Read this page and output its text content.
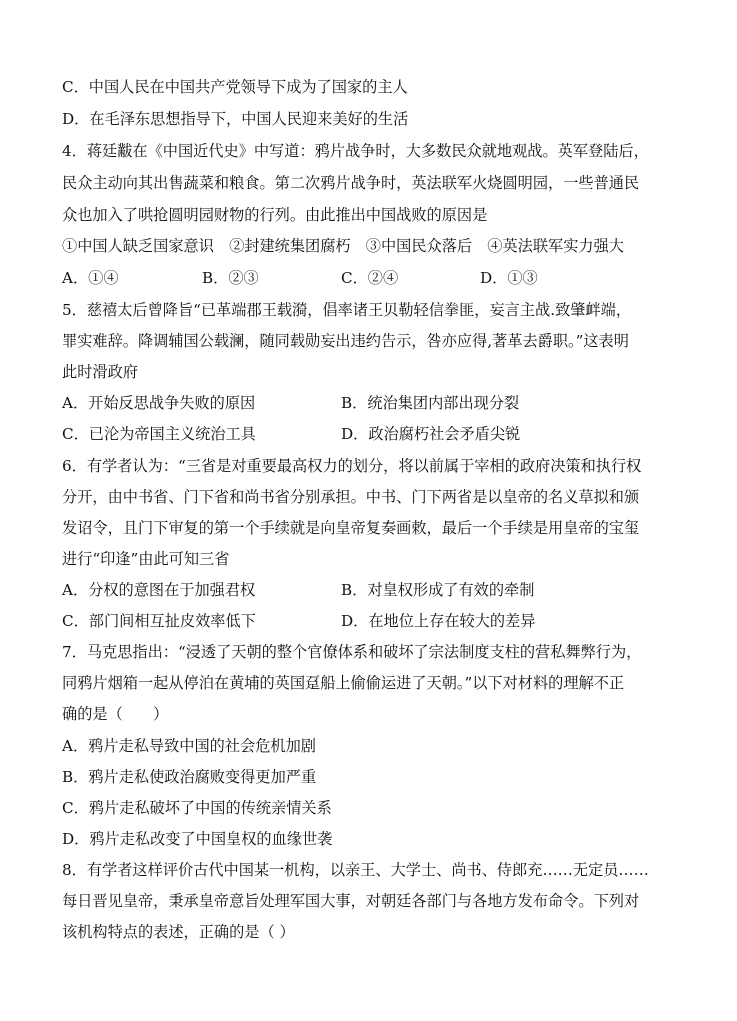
C．中国人民在中国共产党领导下成为了国家的主人
D．在毛泽东思想指导下，中国人民迎来美好的生活
4．蒋廷黻在《中国近代史》中写道：鸦片战争时，大多数民众就地观战。英军登陆后，
民众主动向其出售蔬菜和粮食。第二次鸦片战争时，英法联军火烧圆明园，一些普通民
众也加入了哄抢圆明园财物的行列。由此推出中国战败的原因是
①中国人缺乏国家意识　②封建统集团腐朽　③中国民众落后　④英法联军实力强大
A．①④	B．②③	C．②④	D．①③
5．慈禧太后曾降旨“已革端郡王载漪，倡率诸王贝勒轻信拳匪，妄言主战.致肇衅端，
罪实难辞。降调辅国公载澜，随同载勋妄出违约告示，咎亦应得,著革去爵职。”这表明
此时滑政府
A．开始反思战争失败的原因	B．统治集团内部出现分裂
C．已沦为帝国主义统治工具	D．政治腐朽社会矛盾尖锐
6．有学者认为：“三省是对重要最高权力的划分，将以前属于宰相的政府决策和执行权
分开，由中书省、门下省和尚书省分别承担。中书、门下两省是以皇帝的名义草拟和颁
发诏令，且门下审复的第一个手续就是向皇帝复奏画敕，最后一个手续是用皇帝的宝玺
进行“印逢”由此可知三省
A．分权的意图在于加强君权	B．对皇权形成了有效的牵制
C．部门间相互扯皮效率低下	D．在地位上存在较大的差异
7．马克思指出：“浸透了天朝的整个官僚体系和破坏了宗法制度支柱的营私舞弊行为，
同鸦片烟箱一起从停泊在黄埔的英国趸船上偷偷运进了天朝。”以下对材料的理解不正
确的是（　　）
A．鸦片走私导致中国的社会危机加剧
B．鸦片走私使政治腐败变得更加严重
C．鸦片走私破坏了中国的传统亲情关系
D．鸦片走私改变了中国皇权的血缘世袭
8．有学者这样评价古代中国某一机构，以亲王、大学士、尚书、侍郎充……无定员……
每日晋见皇帝，秉承皇帝意旨处理军国大事，对朝廷各部门与各地方发布命令。下列对
该机构特点的表述，正确的是（ ）
